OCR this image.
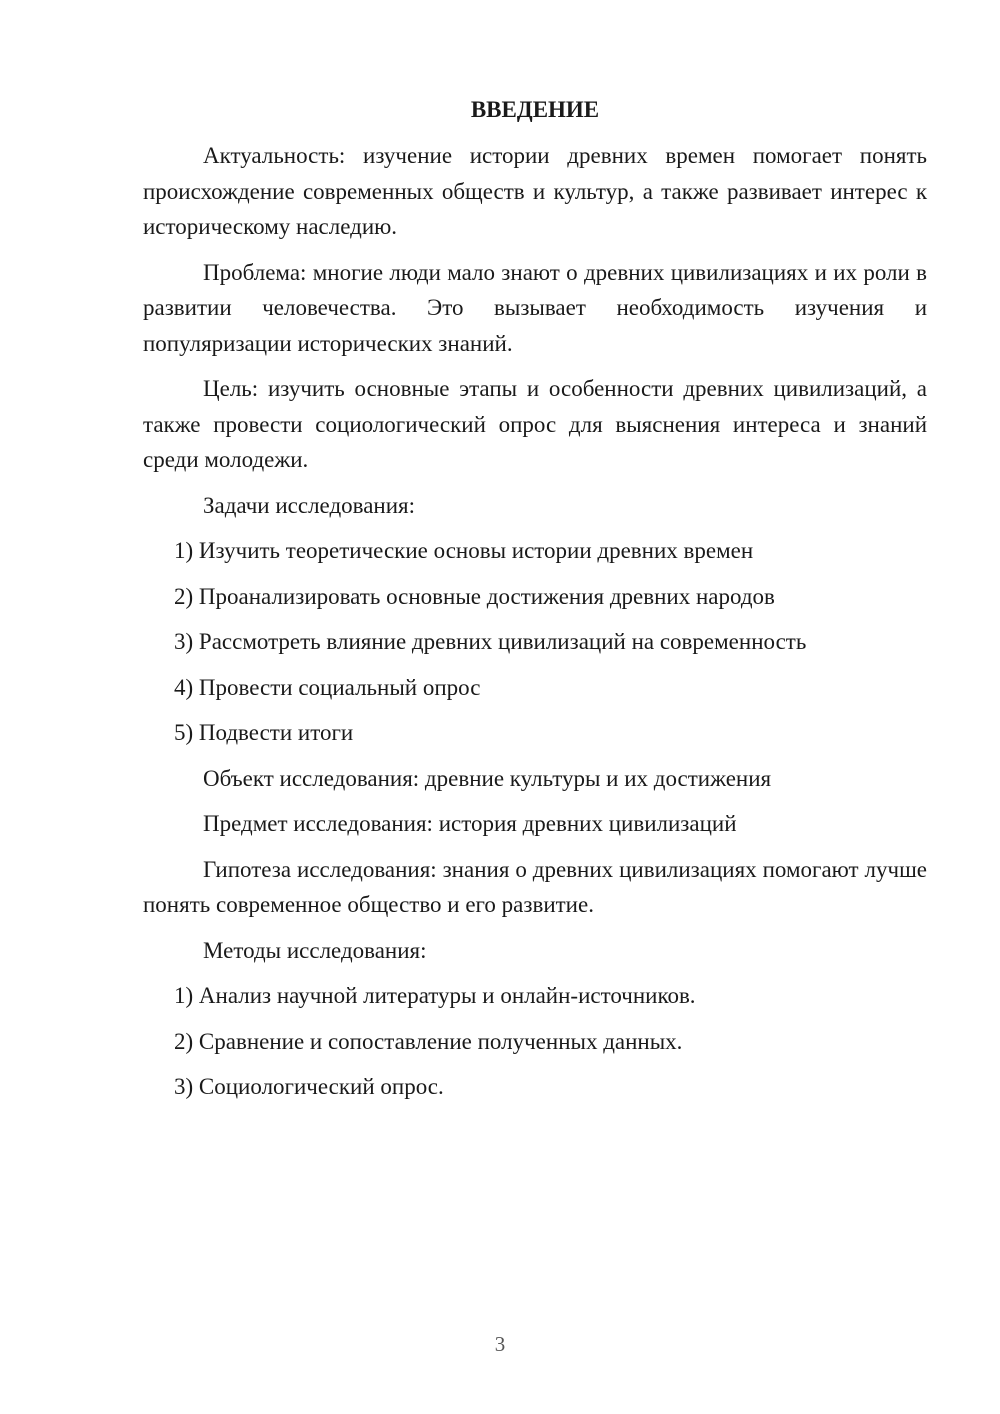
ВВЕДЕНИЕ
Актуальность: изучение истории древних времен помогает понять происхождение современных обществ и культур, а также развивает интерес к историческому наследию.
Проблема: многие люди мало знают о древних цивилизациях и их роли в развитии человечества. Это вызывает необходимость изучения и популяризации исторических знаний.
Цель: изучить основные этапы и особенности древних цивилизаций, а также провести социологический опрос для выяснения интереса и знаний среди молодежи.
Задачи исследования:
1) Изучить теоретические основы истории древних времен
2) Проанализировать основные достижения древних народов
3) Рассмотреть влияние древних цивилизаций на современность
4) Провести социальный опрос
5) Подвести итоги
Объект исследования: древние культуры и их достижения
Предмет исследования: история древних цивилизаций
Гипотеза исследования: знания о древних цивилизациях помогают лучше понять современное общество и его развитие.
Методы исследования:
1) Анализ научной литературы и онлайн-источников.
2) Сравнение и сопоставление полученных данных.
3) Социологический опрос.
3
